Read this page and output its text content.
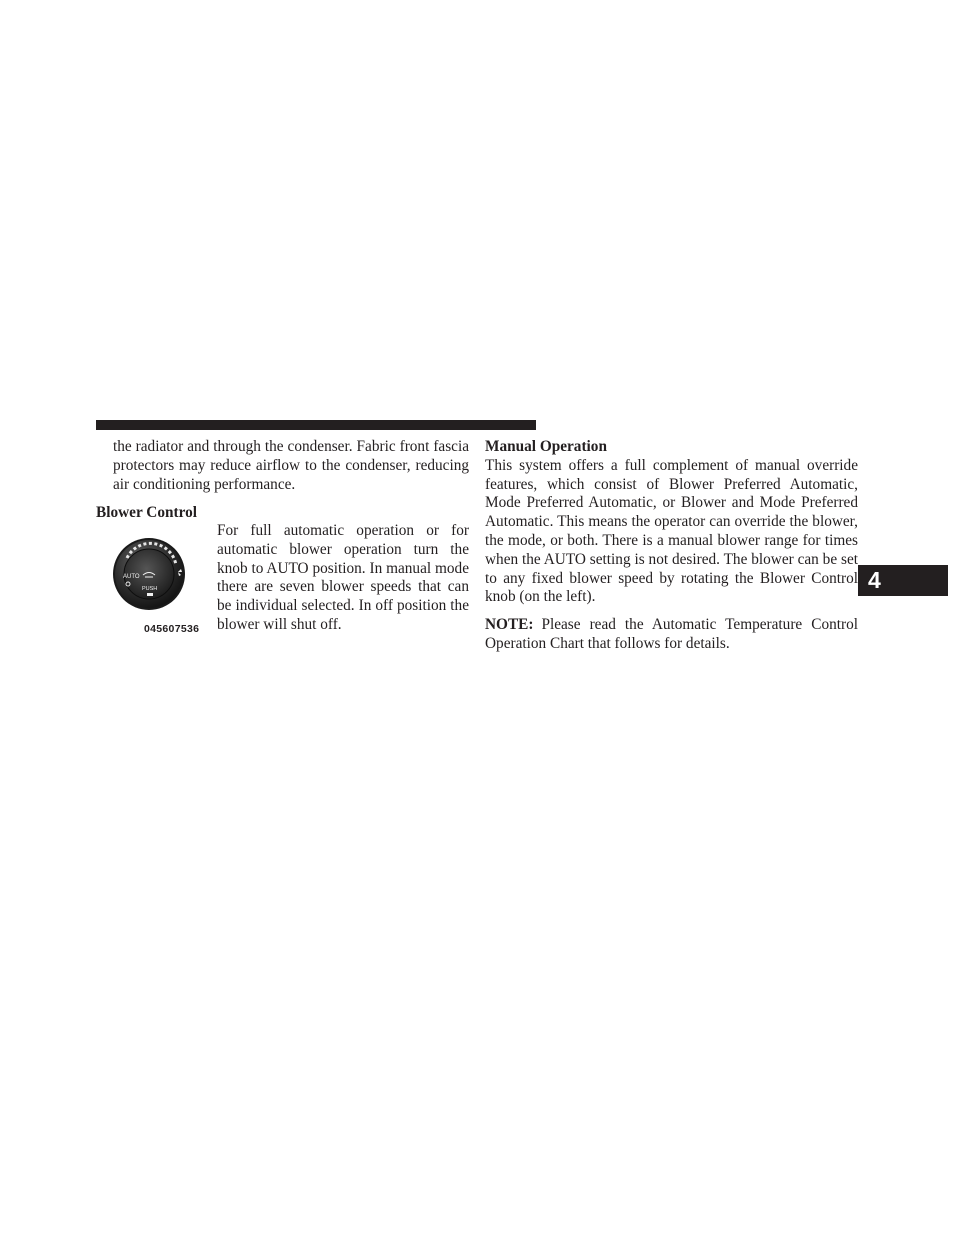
the radiator and through the condenser. Fabric front fascia protectors may reduce airflow to the condenser, reducing air conditioning performance.

Blower Control
AUTO
PUSH
045607536

For full automatic operation or for automatic blower operation turn the knob to AUTO position. In manual mode there are seven blower speeds that can be individual selected. In off position the blower will shut off.

Manual Operation

This system offers a full complement of manual override features, which consist of Blower Preferred Automatic, Mode Preferred Automatic, or Blower and Mode Preferred Automatic. This means the operator can override the blower, the mode, or both. There is a manual blower range for times when the AUTO setting is not desired. The blower can be set to any fixed blower speed by rotating the Blower Control knob (on the left).

NOTE: Please read the Automatic Temperature Control Operation Chart that follows for details.

4
